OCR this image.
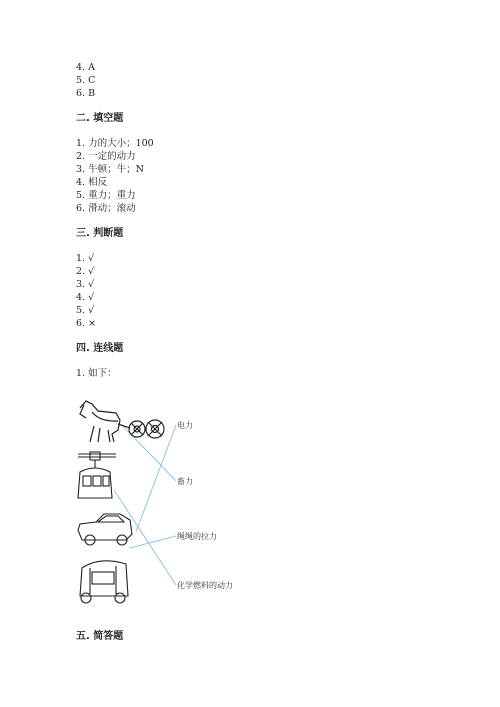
4. A
5. C
6. B
二. 填空题
1. 力的大小；100
2. 一定的动力
3. 牛顿；牛；N
4. 相反
5. 重力；重力
6. 滑动；滚动
三. 判断题
1. √
2. √
3. √
4. √
5. √
6. ×
四. 连线题
1. 如下：
电力
畜力
绳绳的拉力
化学燃料的动力
五. 简答题
